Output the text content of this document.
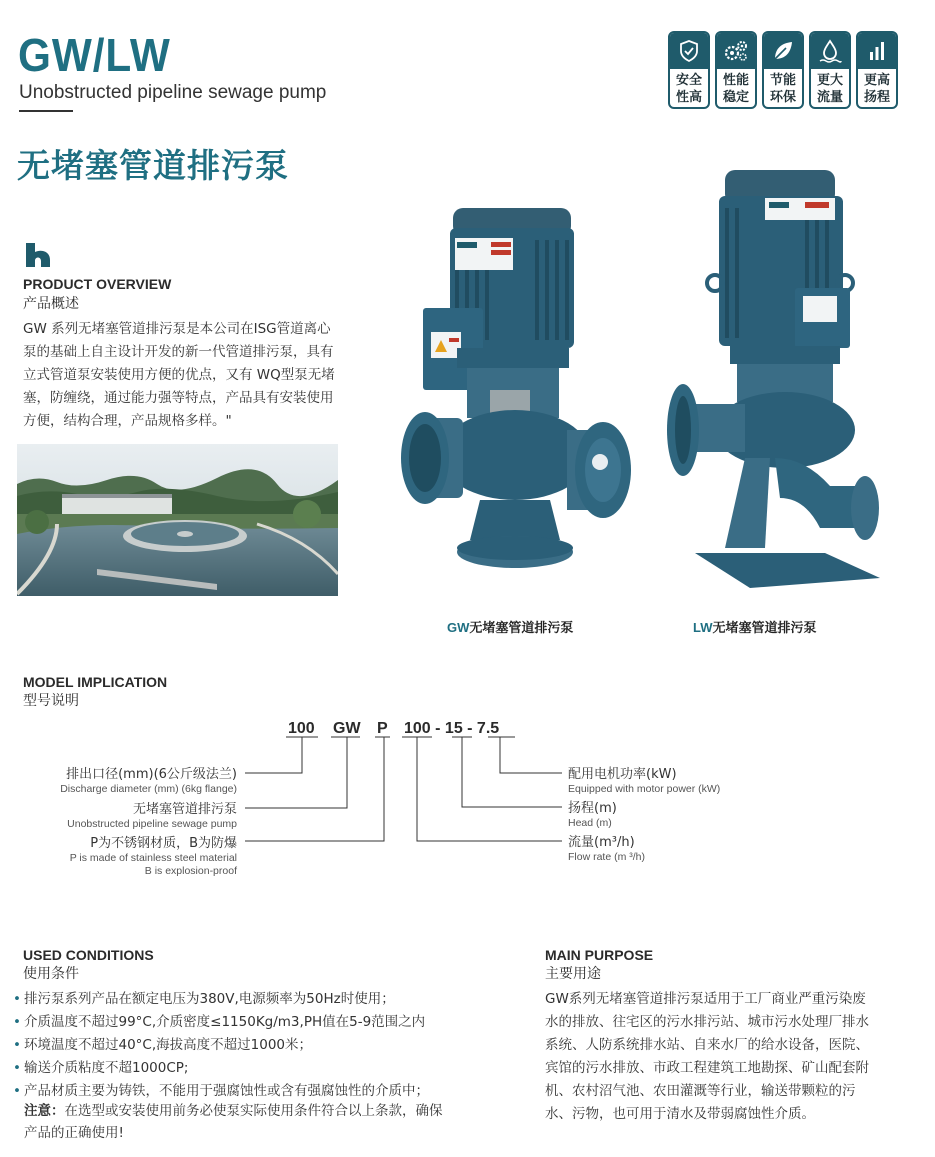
GW/LW
Unobstructed pipeline sewage pump
无堵塞管道排污泵
安全性高
性能稳定
节能环保
更大流量
更高扬程
PRODUCT OVERVIEW
产品概述
GW 系列无堵塞管道排污泵是本公司在ISG管道离心泵的基础上自主设计开发的新一代管道排污泵，具有立式管道泵安装使用方便的优点，又有 WQ型泵无堵塞，防缠绕，通过能力强等特点，产品具有安装使用方便，结构合理，产品规格多样。"
GW无堵塞管道排污泵	LW无堵塞管道排污泵
MODEL IMPLICATION
型号说明
100 GW P 100 - 15 - 7.5
排出口径(mm)(6公斤级法兰)
无堵塞管道排污泵
P为不锈钢材质，B为防爆
Discharge diameter (mm) (6kg flange)
Unobstructed pipeline sewage pump
P is made of stainless steel material
B is explosion-proof
配用电机功率(kW)
扬程(m)
流量(m³/h)
Equipped with motor power (kW)
Head (m)
Flow rate (m ³/h)
USED CONDITIONS
使用条件
• 排污泵系列产品在额定电压为380V,电源频率为50Hz时使用；
• 介质温度不超过99°C,介质密度≤1150Kg/m3,PH值在5-9范围之内
• 环境温度不超过40°C,海拔高度不超过1000米；
• 输送介质粘度不超1000CP;
• 产品材质主要为铸铁，不能用于强腐蚀性或含有强腐蚀性的介质中；
注意：在选型或安装使用前务必使泵实际使用条件符合以上条款，确保产品的正确使用!
MAIN PURPOSE
主要用途
GW系列无堵塞管道排污泵适用于工厂商业严重污染废水的排放、往宅区的污水排污站、城市污水处理厂排水系统、人防系统排水站、自来水厂的给水设备，医院、宾馆的污水排放、市政工程建筑工地勘探、矿山配套附机、农村沼气池、农田灌溉等行业，输送带颗粒的污水、污物，也可用于清水及带弱腐蚀性介质。
